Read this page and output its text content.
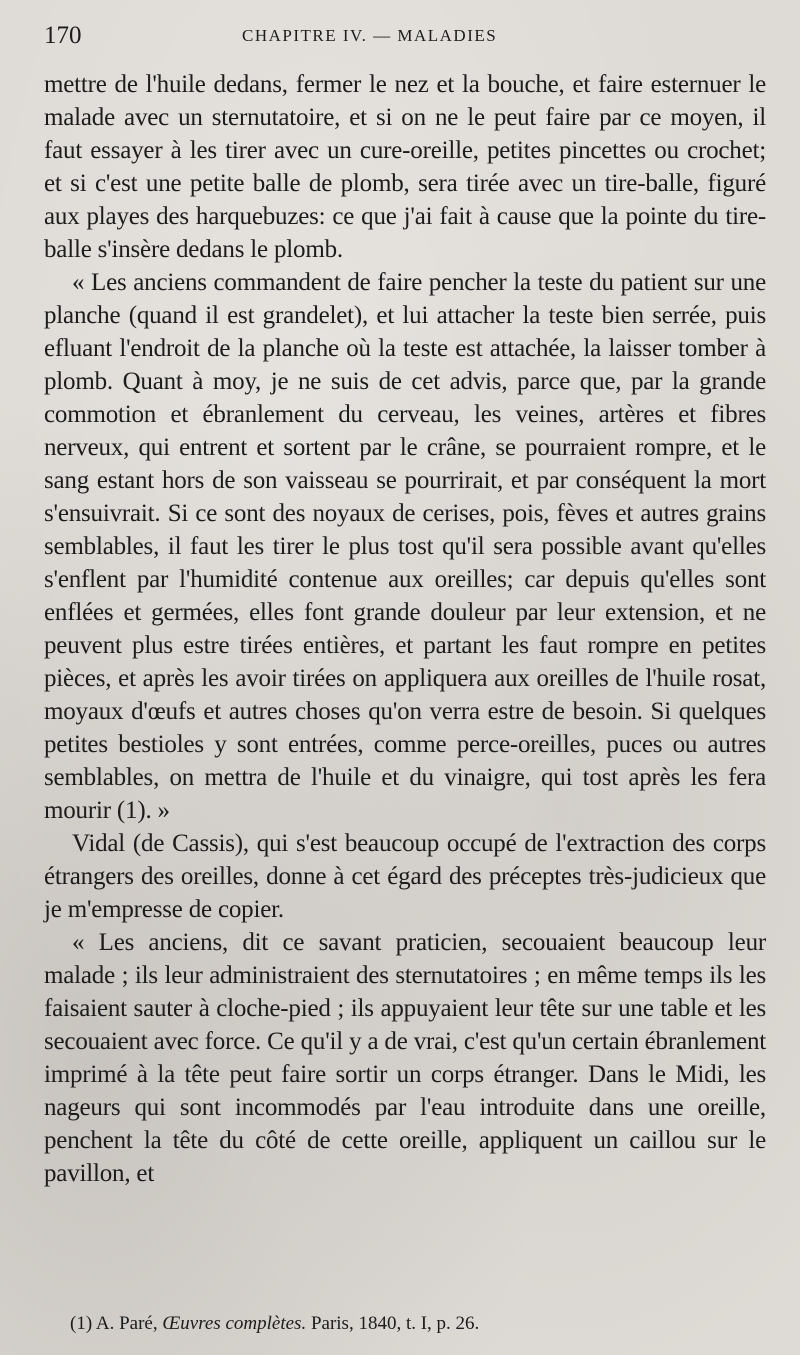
170	CHAPITRE IV. — MALADIES

mettre de l'huile dedans, fermer le nez et la bouche, et faire esternuer le malade avec un sternutatoire, et si on ne le peut faire par ce moyen, il faut essayer à les tirer avec un cure-oreille, petites pincettes ou crochet; et si c'est une petite balle de plomb, sera tirée avec un tire-balle, figuré aux playes des harquebuzes: ce que j'ai fait à cause que la pointe du tire-balle s'insère dedans le plomb.

« Les anciens commandent de faire pencher la teste du patient sur une planche (quand il est grandelet), et lui attacher la teste bien serrée, puis efluant l'endroit de la planche où la teste est attachée, la laisser tomber à plomb. Quant à moy, je ne suis de cet advis, parce que, par la grande commotion et ébranlement du cerveau, les veines, artères et fibres nerveux, qui entrent et sortent par le crâne, se pourraient rompre, et le sang estant hors de son vaisseau se pourrirait, et par conséquent la mort s'ensuivrait. Si ce sont des noyaux de cerises, pois, fèves et autres grains semblables, il faut les tirer le plus tost qu'il sera possible avant qu'elles s'enflent par l'humidité contenue aux oreilles; car depuis qu'elles sont enflées et germées, elles font grande douleur par leur extension, et ne peuvent plus estre tirées entières, et partant les faut rompre en petites pièces, et après les avoir tirées on appliquera aux oreilles de l'huile rosat, moyaux d'œufs et autres choses qu'on verra estre de besoin. Si quelques petites bestioles y sont entrées, comme perce-oreilles, puces ou autres semblables, on mettra de l'huile et du vinaigre, qui tost après les fera mourir (1). »

Vidal (de Cassis), qui s'est beaucoup occupé de l'extraction des corps étrangers des oreilles, donne à cet égard des préceptes très-judicieux que je m'empresse de copier.

« Les anciens, dit ce savant praticien, secouaient beaucoup leur malade ; ils leur administraient des sternutatoires ; en même temps ils les faisaient sauter à cloche-pied ; ils appuyaient leur tête sur une table et les secouaient avec force. Ce qu'il y a de vrai, c'est qu'un certain ébranlement imprimé à la tête peut faire sortir un corps étranger. Dans le Midi, les nageurs qui sont incommodés par l'eau introduite dans une oreille, penchent la tête du côté de cette oreille, appliquent un caillou sur le pavillon, et

(1) A. Paré, Œuvres complètes. Paris, 1840, t. I, p. 26.
